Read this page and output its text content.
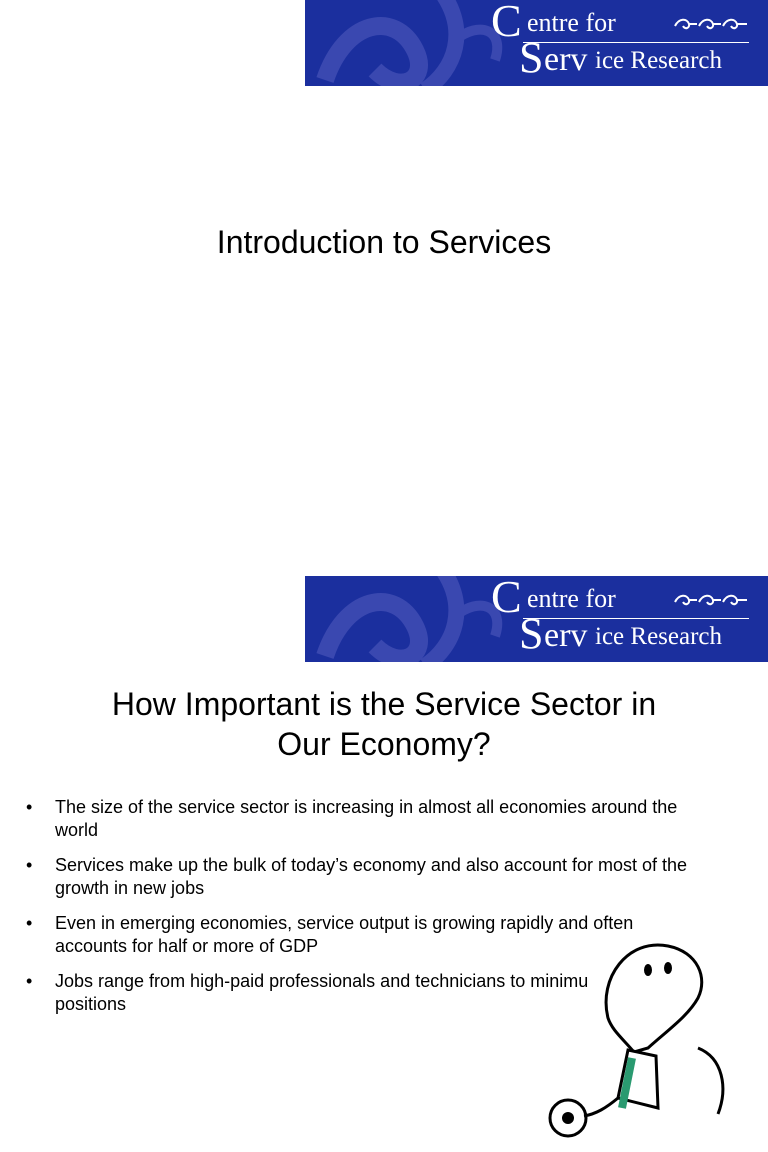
C entre for
S erv ice Research
Introduction to Services
C entre for
S erv ice Research
How Important is the Service Sector in
Our Economy?
• The size of the service sector is increasing in almost all economies around the
world
• Services make up the bulk of today’s economy and also account for most of the
growth in new jobs
• Even in emerging economies, service output is growing rapidly and often
accounts for half or more of GDP
• Jobs range from high-paid professionals and technicians to minimu
positions
